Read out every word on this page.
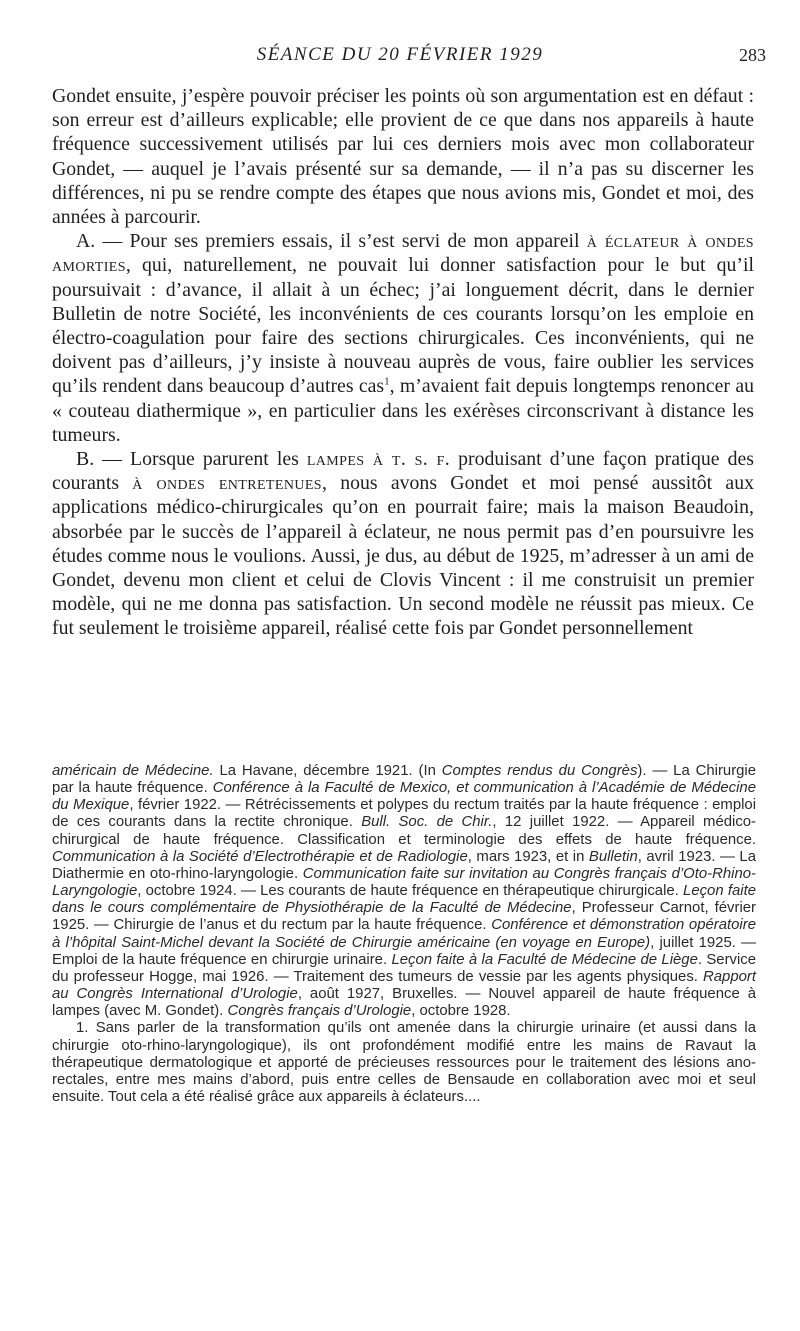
SÉANCE DU 20 FÉVRIER 1929	283

Gondet ensuite, j’espère pouvoir préciser les points où son argumentation est en défaut : son erreur est d’ailleurs explicable; elle provient de ce que dans nos appareils à haute fréquence successivement utilisés par lui ces derniers mois avec mon collaborateur Gondet, — auquel je l’avais présenté sur sa demande, — il n’a pas su discerner les différences, ni pu se rendre compte des étapes que nous avions mis, Gondet et moi, des années à parcourir.

A. — Pour ses premiers essais, il s’est servi de mon appareil à éclateur à ondes amorties, qui, naturellement, ne pouvait lui donner satisfaction pour le but qu’il poursuivait : d’avance, il allait à un échec; j’ai longuement décrit, dans le dernier Bulletin de notre Société, les inconvénients de ces courants lorsqu’on les emploie en électro-coagulation pour faire des sections chirurgicales. Ces inconvénients, qui ne doivent pas d’ailleurs, j’y insiste à nouveau auprès de vous, faire oublier les services qu’ils rendent dans beaucoup d’autres cas$^1$, m’avaient fait depuis longtemps renoncer au « couteau diathermique », en particulier dans les exérèses circonscrivant à distance les tumeurs.

B. — Lorsque parurent les lampes à t. s. f. produisant d’une façon pratique des courants à ondes entretenues, nous avons Gondet et moi pensé aussitôt aux applications médico-chirurgicales qu’on en pourrait faire; mais la maison Beaudoin, absorbée par le succès de l’appareil à éclateur, ne nous permit pas d’en poursuivre les études comme nous le voulions. Aussi, je dus, au début de 1925, m’adresser à un ami de Gondet, devenu mon client et celui de Clovis Vincent : il me construisit un premier modèle, qui ne me donna pas satisfaction. Un second modèle ne réussit pas mieux. Ce fut seulement le troisième appareil, réalisé cette fois par Gondet personnellement

américain de Médecine. La Havane, décembre 1921. (In Comptes rendus du Congrès). — La Chirurgie par la haute fréquence. Conférence à la Faculté de Mexico, et communication à l’Académie de Médecine du Mexique, février 1922. — Rétrécissements et polypes du rectum traités par la haute fréquence : emploi de ces courants dans la rectite chronique. Bull. Soc. de Chir., 12 juillet 1922. — Appareil médico-chirurgical de haute fréquence. Classification et terminologie des effets de haute fréquence. Communication à la Société d’Electrothérapie et de Radiologie, mars 1923, et in Bulletin, avril 1923. — La Diathermie en oto-rhino-laryngologie. Communication faite sur invitation au Congrès français d’Oto-Rhino-Laryngologie, octobre 1924. — Les courants de haute fréquence en thérapeutique chirurgicale. Leçon faite dans le cours complémentaire de Physiothérapie de la Faculté de Médecine, Professeur Carnot, février 1925. — Chirurgie de l’anus et du rectum par la haute fréquence. Conférence et démonstration opératoire à l’hôpital Saint-Michel devant la Société de Chirurgie américaine (en voyage en Europe), juillet 1925. — Emploi de la haute fréquence en chirurgie urinaire. Leçon faite à la Faculté de Médecine de Liège. Service du professeur Hogge, mai 1926. — Traitement des tumeurs de vessie par les agents physiques. Rapport au Congrès International d’Urologie, août 1927, Bruxelles. — Nouvel appareil de haute fréquence à lampes (avec M. Gondet). Congrès français d’Urologie, octobre 1928.

1. Sans parler de la transformation qu’ils ont amenée dans la chirurgie urinaire (et aussi dans la chirurgie oto-rhino-laryngologique), ils ont profondément modifié entre les mains de Ravaut la thérapeutique dermatologique et apporté de précieuses ressources pour le traitement des lésions ano-rectales, entre mes mains d’abord, puis entre celles de Bensaude en collaboration avec moi et seul ensuite. Tout cela a été réalisé grâce aux appareils à éclateurs....
